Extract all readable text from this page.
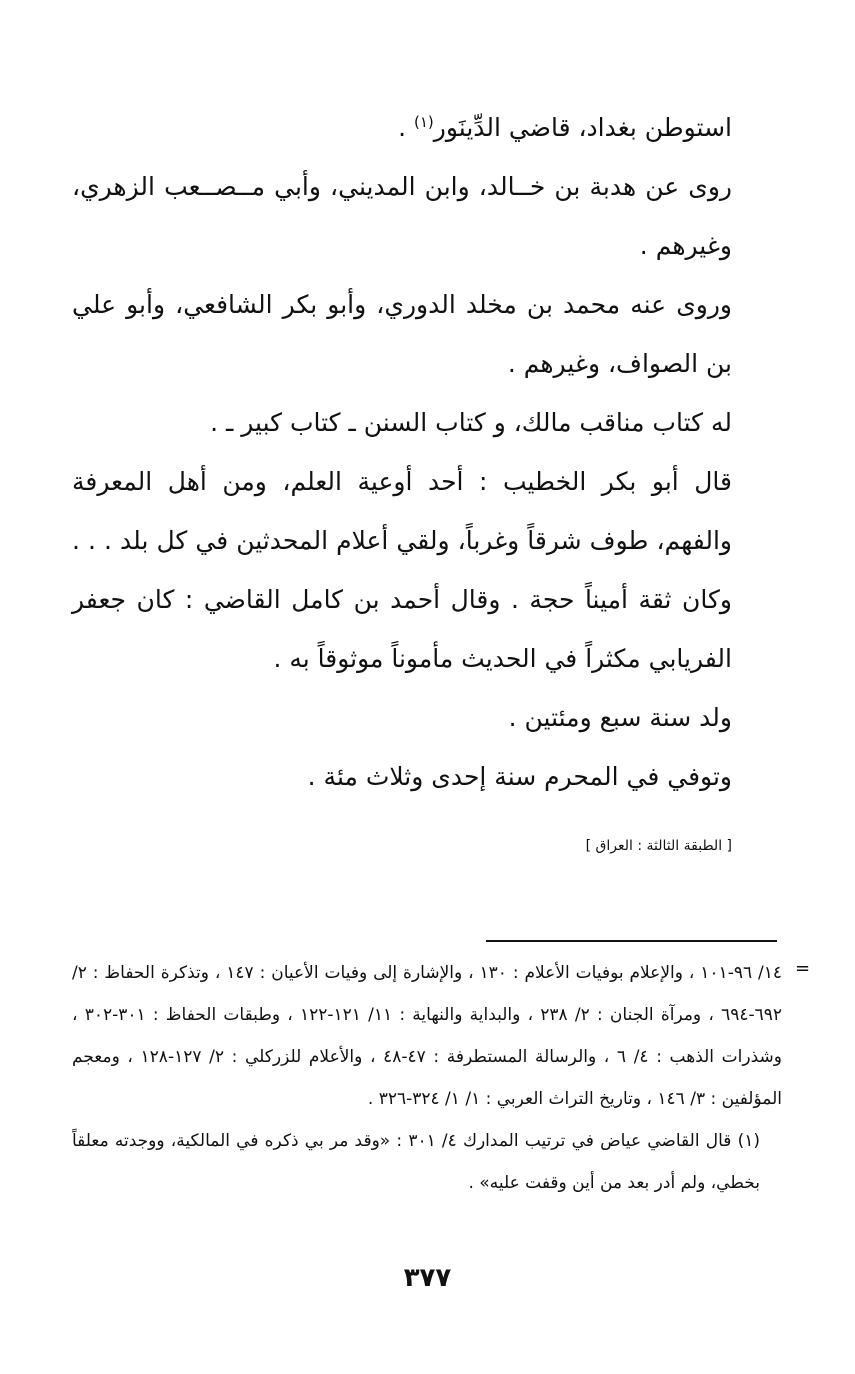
استوطن بغداد، قاضي الدِّينَور$^{(١)}$ .

روى عن هدبة بن خــالد، وابن المديني، وأبي مــصــعب الزهري، وغيرهم .

وروى عنه محمد بن مخلد الدوري، وأبو بكر الشافعي، وأبو علي بن الصواف، وغيرهم .

له كتاب مناقب مالك، و كتاب السنن ـ كتاب كبير ـ .

قال أبو بكر الخطيب : أحد أوعية العلم، ومن أهل المعرفة والفهم، طوف شرقاً وغرباً، ولقي أعلام المحدثين في كل بلد . . . وكان ثقة أميناً حجة . وقال أحمد بن كامل القاضي : كان جعفر الفريابي مكثراً في الحديث مأموناً موثوقاً به .

ولد سنة سبع ومئتين .

وتوفي في المحرم سنة إحدى وثلاث مئة .

[ الطبقة الثالثة : العراق ]
=

١٤/ ٩٦-١٠١ ، والإعلام بوفيات الأعلام : ١٣٠ ، والإشارة إلى وفيات الأعيان : ١٤٧ ، وتذكرة الحفاظ : ٢/ ٦٩٢-٦٩٤ ، ومرآة الجنان : ٢/ ٢٣٨ ، والبداية والنهاية : ١١/ ١٢١-١٢٢ ، وطبقات الحفاظ : ٣٠١-٣٠٢ ، وشذرات الذهب : ٤/ ٦ ، والرسالة المستطرفة : ٤٧-٤٨ ، والأعلام للزركلي : ٢/ ١٢٧-١٢٨ ، ومعجم المؤلفين : ٣/ ١٤٦ ، وتاريخ التراث العربي : ١/ ١/ ٣٢٤-٣٢٦ .

(١) قال القاضي عياض في ترتيب المدارك ٤/ ٣٠١ : «وقد مر بي ذكره في المالكية، ووجدته معلقاً بخطي، ولم أدر بعد من أين وقفت عليه» .

٣٧٧
